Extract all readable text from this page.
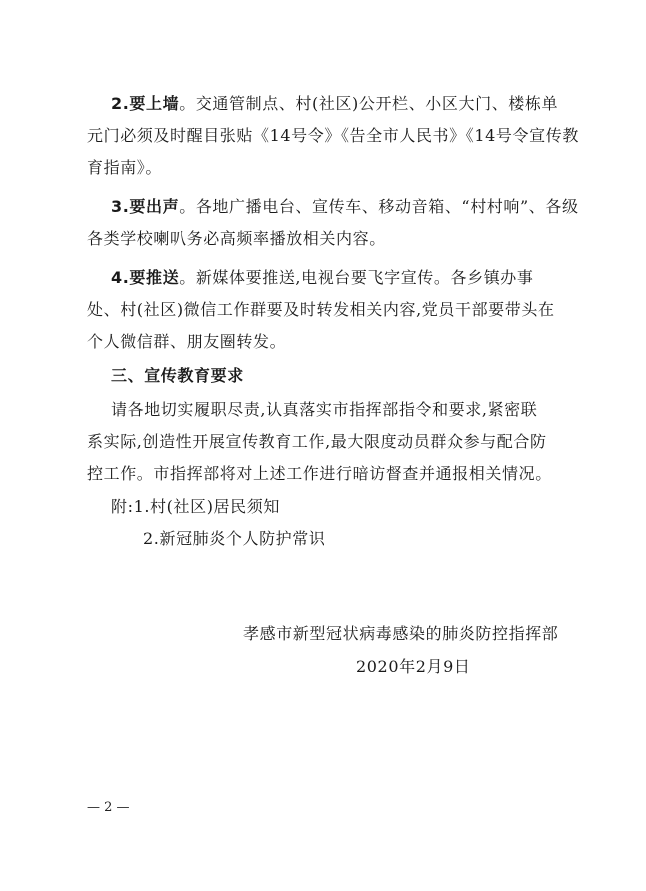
2.要上墙。交通管制点、村(社区)公开栏、小区大门、楼栋单
元门必须及时醒目张贴《14号令》《告全市人民书》《14号令宣传教
育指南》。
3.要出声。各地广播电台、宣传车、移动音箱、“村村响”、各级
各类学校喇叭务必高频率播放相关内容。
4.要推送。新媒体要推送,电视台要飞字宣传。各乡镇办事
处、村(社区)微信工作群要及时转发相关内容,党员干部要带头在
个人微信群、朋友圈转发。
三、宣传教育要求
请各地切实履职尽责,认真落实市指挥部指令和要求,紧密联
系实际,创造性开展宣传教育工作,最大限度动员群众参与配合防
控工作。市指挥部将对上述工作进行暗访督查并通报相关情况。
附:1.村(社区)居民须知
2.新冠肺炎个人防护常识
孝感市新型冠状病毒感染的肺炎防控指挥部
2020年2月9日
— 2 —
